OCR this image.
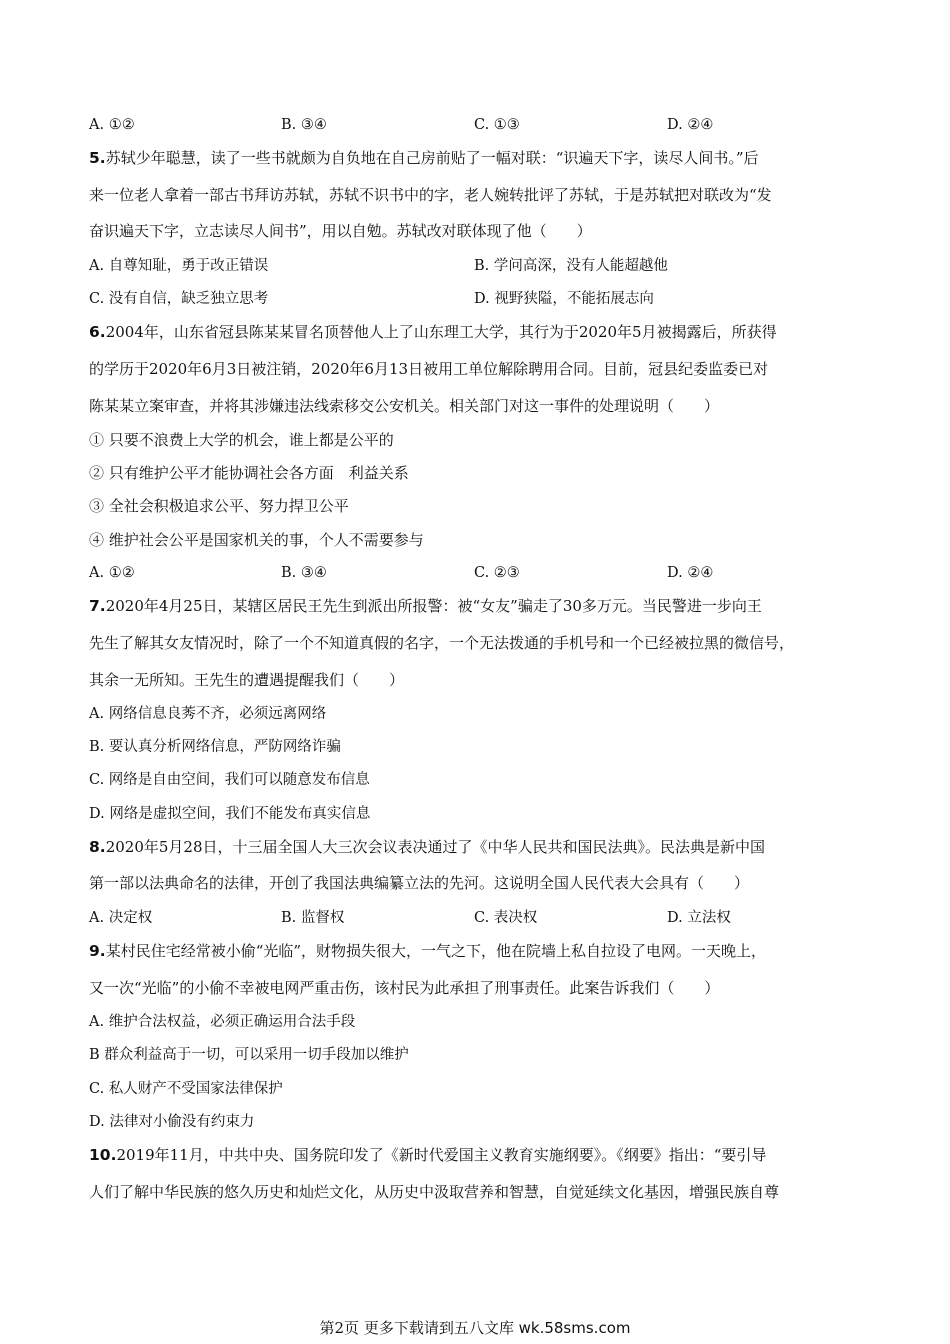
A. ①②	B. ③④	C. ①③	D. ②④
5.苏轼少年聪慧，读了一些书就颇为自负地在自己房前贴了一幅对联：“识遍天下字，读尽人间书。”后
来一位老人拿着一部古书拜访苏轼，苏轼不识书中的字，老人婉转批评了苏轼，于是苏轼把对联改为“发
奋识遍天下字，立志读尽人间书”，用以自勉。苏轼改对联体现了他（　　）
A. 自尊知耻，勇于改正错误	B. 学问高深，没有人能超越他
C. 没有自信，缺乏独立思考	D. 视野狭隘，不能拓展志向
6.2004年，山东省冠县陈某某冒名顶替他人上了山东理工大学，其行为于2020年5月被揭露后，所获得
的学历于2020年6月3日被注销，2020年6月13日被用工单位解除聘用合同。目前，冠县纪委监委已对
陈某某立案审查，并将其涉嫌违法线索移交公安机关。相关部门对这一事件的处理说明（　　）
① 只要不浪费上大学的机会，谁上都是公平的
② 只有维护公平才能协调社会各方面　利益关系
③ 全社会积极追求公平、努力捍卫公平
④ 维护社会公平是国家机关的事，个人不需要参与
A. ①②	B. ③④	C. ②③	D. ②④
7.2020年4月25日，某辖区居民王先生到派出所报警：被“女友”骗走了30多万元。当民警进一步向王
先生了解其女友情况时，除了一个不知道真假的名字，一个无法拨通的手机号和一个已经被拉黑的微信号，
其余一无所知。王先生的遭遇提醒我们（　　）
A. 网络信息良莠不齐，必须远离网络
B. 要认真分析网络信息，严防网络诈骗
C. 网络是自由空间，我们可以随意发布信息
D. 网络是虚拟空间，我们不能发布真实信息
8.2020年5月28日，十三届全国人大三次会议表决通过了《中华人民共和国民法典》。民法典是新中国
第一部以法典命名的法律，开创了我国法典编纂立法的先河。这说明全国人民代表大会具有（　　）
A. 决定权	B. 监督权	C. 表决权	D. 立法权
9.某村民住宅经常被小偷“光临”，财物损失很大，一气之下，他在院墙上私自拉设了电网。一天晚上，
又一次“光临”的小偷不幸被电网严重击伤，该村民为此承担了刑事责任。此案告诉我们（　　）
A. 维护合法权益，必须正确运用合法手段
B 群众利益高于一切，可以采用一切手段加以维护
C. 私人财产不受国家法律保护
D. 法律对小偷没有约束力
10.2019年11月，中共中央、国务院印发了《新时代爱国主义教育实施纲要》。《纲要》指出：“要引导
人们了解中华民族的悠久历史和灿烂文化，从历史中汲取营养和智慧，自觉延续文化基因，增强民族自尊
第2页 更多下载请到五八文库 wk.58sms.com
